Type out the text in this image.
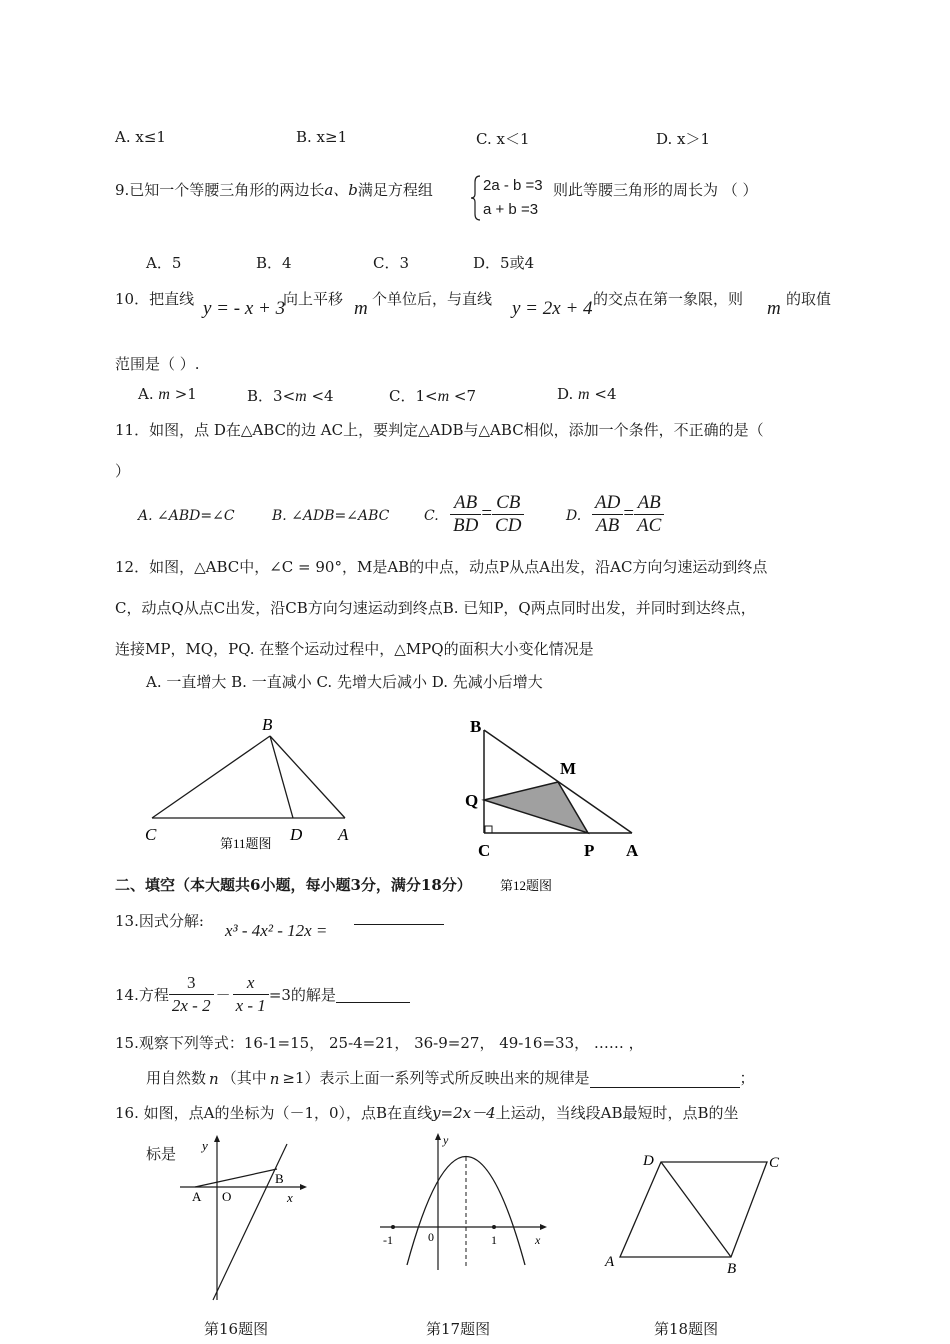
A. x≤1	B. x≥1	C. x＜1	D. x＞1
9.已知一个等腰三角形的两边长a、b满足方程组	2a - b =3
a + b =3
则此等腰三角形的周长为 （ ）
A．5	B．4	C．3	D．5或4
10．把直线 y = - x + 3
向上平移 m 个单位后，与直线 y = 2x + 4 的交点在第一象限，则 m 的取值
范围是（ ）.
A. m >1	B．3<m <4	C．1<m <7	D. m <4
11．如图，点 D在△ABC的边 AC上，要判定△ADB与△ABC相似，添加一个条件，不正确的是（
）
A. ∠ABD=∠C	B. ∠ADB=∠ABC C. $\frac{AB}{BD} = \frac{CB}{CD}$	D. $\frac{AD}{AB} = \frac{AB}{AC}$
12．如图，△ABC中，∠C = 90°，M是AB的中点，动点P从点A出发，沿AC方向匀速运动到终点
C，动点Q从点C出发，沿CB方向匀速运动到终点B. 已知P，Q两点同时出发，并同时到达终点，
连接MP，MQ，PQ. 在整个运动过程中，△MPQ的面积大小变化情况是
A. 一直增大 B. 一直减小 C. 先增大后减小 D. 先减小后增大
B
C	D A
第11题图
B
M
Q
C	P A
第12题图
二、填空（本大题共6小题，每小题3分，满分18分）
13.因式分解: x³ - 4x² - 12x =
14.方程 $\frac{3}{2x - 2} - \frac{x}{x - 1} =3$的解是
15.观察下列等式：16-1=15， 25-4=21， 36-9=27， 49-16=33， …… ，
用自然数 n （其中 n ≥1）表示上面一系列等式所反映出来的规律是	；
16. 如图，点A的坐标为（－1，0），点B在直线y=2x－4上运动，当线段AB最短时，点B的坐
标是 y
A O
B
x
第16题图
y
-1	0	1	x
第17题图
D	C
A	B
第18题图
